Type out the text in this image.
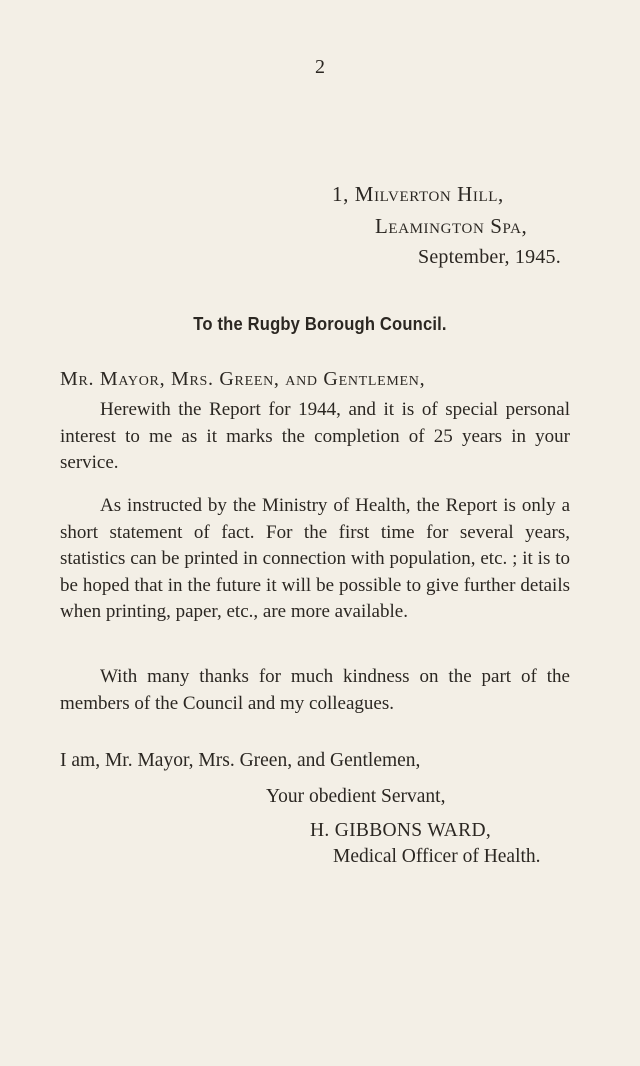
2
1, Milverton Hill,
Leamington Spa,
September, 1945.
To the Rugby Borough Council.
Mr. Mayor, Mrs. Green, and Gentlemen,

Herewith the Report for 1944, and it is of special personal interest to me as it marks the completion of 25 years in your service.

As instructed by the Ministry of Health, the Report is only a short statement of fact. For the first time for several years, statistics can be printed in connection with population, etc. ; it is to be hoped that in the future it will be possible to give further details when printing, paper, etc., are more available.

With many thanks for much kindness on the part of the members of the Council and my colleagues.

I am, Mr. Mayor, Mrs. Green, and Gentlemen,
Your obedient Servant,
H. GIBBONS WARD,
Medical Officer of Health.
